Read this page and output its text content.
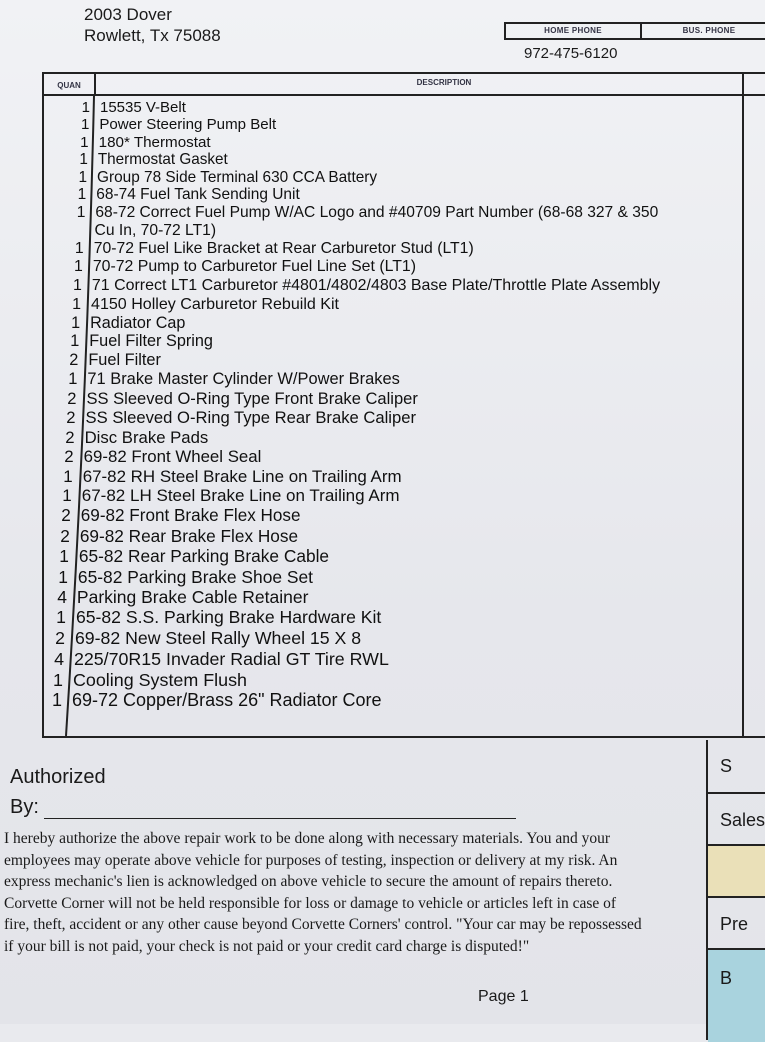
2003 Dover
Rowlett, Tx 75088	HOME PHONE	BUS. PHONE
972-475-6120
QUAN	DESCRIPTION
1 15535 V-Belt
1 Power Steering Pump Belt
1 180* Thermostat
1 Thermostat Gasket
1 Group 78 Side Terminal 630 CCA Battery
1 68-74 Fuel Tank Sending Unit
1 68-72 Correct Fuel Pump W/AC Logo and #40709 Part Number (68-68 327 & 350
Cu In, 70-72 LT1)
1 70-72 Fuel Like Bracket at Rear Carburetor Stud (LT1)
1 70-72 Pump to Carburetor Fuel Line Set (LT1)
1 71 Correct LT1 Carburetor #4801/4802/4803 Base Plate/Throttle Plate Assembly
1 4150 Holley Carburetor Rebuild Kit
1 Radiator Cap
1 Fuel Filter Spring
2 Fuel Filter
1 71 Brake Master Cylinder W/Power Brakes
2 SS Sleeved O-Ring Type Front Brake Caliper
2 SS Sleeved O-Ring Type Rear Brake Caliper
2 Disc Brake Pads
2 69-82 Front Wheel Seal
1 67-82 RH Steel Brake Line on Trailing Arm
1 67-82 LH Steel Brake Line on Trailing Arm
2 69-82 Front Brake Flex Hose
2 69-82 Rear Brake Flex Hose
1 65-82 Rear Parking Brake Cable
1 65-82 Parking Brake Shoe Set
4 Parking Brake Cable Retainer
1 65-82 S.S. Parking Brake Hardware Kit
2 69-82 New Steel Rally Wheel 15 X 8
4 225/70R15 Invader Radial GT Tire RWL
1 Cooling System Flush
1 69-72 Copper/Brass 26" Radiator Core
Authorized
By:
I hereby authorize the above repair work to be done along with necessary materials. You and your employees may operate above vehicle for purposes of testing, inspection or delivery at my risk. An express mechanic's lien is acknowledged on above vehicle to secure the amount of repairs thereto. Corvette Corner will not be held responsible for loss or damage to vehicle or articles left in case of fire, theft, accident or any other cause beyond Corvette Corners' control. "Your car may be repossessed if your bill is not paid, your check is not paid or your credit card charge is disputed!"
S
Sales
Pre
B
Page 1
